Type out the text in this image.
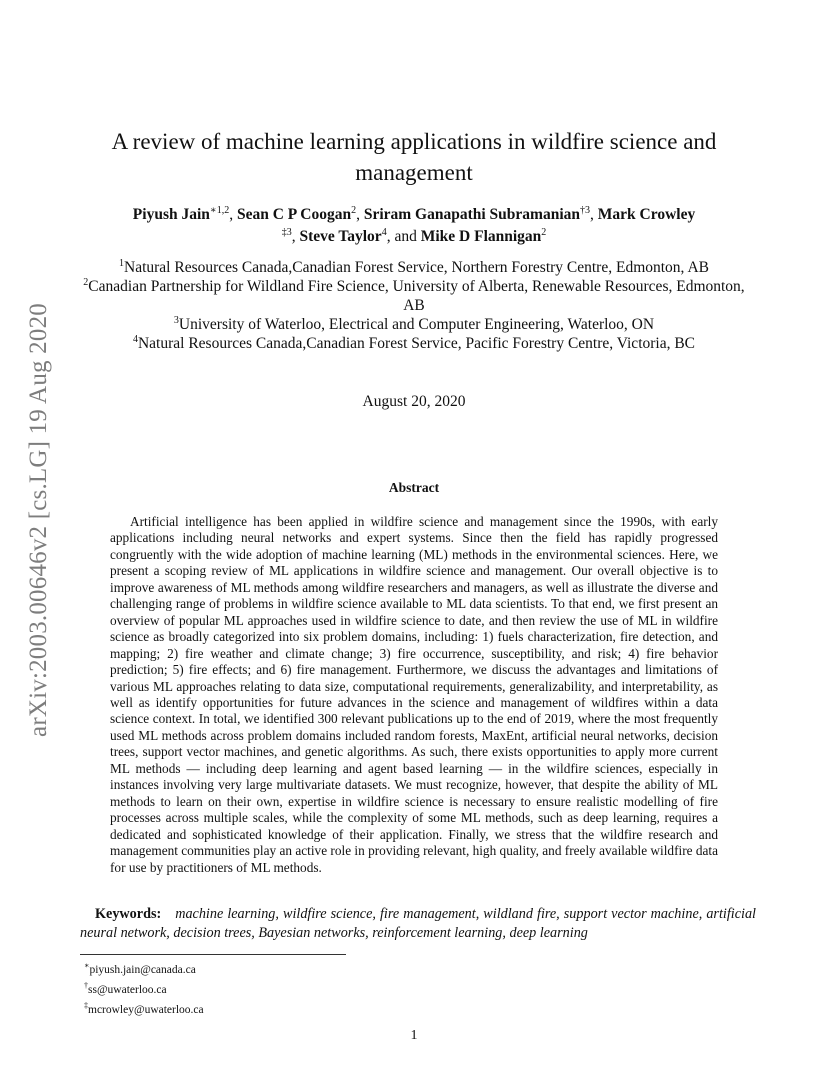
arXiv:2003.00646v2 [cs.LG] 19 Aug 2020
A review of machine learning applications in wildfire science and management
Piyush Jain$^{∗1,2}$, Sean C P Coogan$^2$, Sriram Ganapathi Subramanian$^{\dagger 3}$, Mark Crowley
$^{\ddagger 3}$, Steve Taylor$^4$, and Mike D Flannigan$^2$
$^1$Natural Resources Canada,Canadian Forest Service, Northern Forestry Centre, Edmonton, AB
$^2$Canadian Partnership for Wildland Fire Science, University of Alberta, Renewable Resources, Edmonton, AB
$^3$University of Waterloo, Electrical and Computer Engineering, Waterloo, ON
$^4$Natural Resources Canada,Canadian Forest Service, Pacific Forestry Centre, Victoria, BC
August 20, 2020
Abstract

Artificial intelligence has been applied in wildfire science and management since the 1990s, with early applications including neural networks and expert systems. Since then the field has rapidly progressed congruently with the wide adoption of machine learning (ML) methods in the environmental sciences. Here, we present a scoping review of ML applications in wildfire science and management. Our overall objective is to improve awareness of ML methods among wildfire researchers and managers, as well as illustrate the diverse and challenging range of problems in wildfire science available to ML data scientists. To that end, we first present an overview of popular ML approaches used in wildfire science to date, and then review the use of ML in wildfire science as broadly categorized into six problem domains, including: 1) fuels characterization, fire detection, and mapping; 2) fire weather and climate change; 3) fire occurrence, susceptibility, and risk; 4) fire behavior prediction; 5) fire effects; and 6) fire management. Furthermore, we discuss the advantages and limitations of various ML approaches relating to data size, computational requirements, generalizability, and interpretability, as well as identify opportunities for future advances in the science and management of wildfires within a data science context. In total, we identified 300 relevant publications up to the end of 2019, where the most frequently used ML methods across problem domains included random forests, MaxEnt, artificial neural networks, decision trees, support vector machines, and genetic algorithms. As such, there exists opportunities to apply more current ML methods — including deep learning and agent based learning — in the wildfire sciences, especially in instances involving very large multivariate datasets. We must recognize, however, that despite the ability of ML methods to learn on their own, expertise in wildfire science is necessary to ensure realistic modelling of fire processes across multiple scales, while the complexity of some ML methods, such as deep learning, requires a dedicated and sophisticated knowledge of their application. Finally, we stress that the wildfire research and management communities play an active role in providing relevant, high quality, and freely available wildfire data for use by practitioners of ML methods.

Keywords: machine learning, wildfire science, fire management, wildland fire, support vector machine, artificial neural network, decision trees, Bayesian networks, reinforcement learning, deep learning

∗piyush.jain@canada.ca
†ss@uwaterloo.ca
‡mcrowley@uwaterloo.ca
1
